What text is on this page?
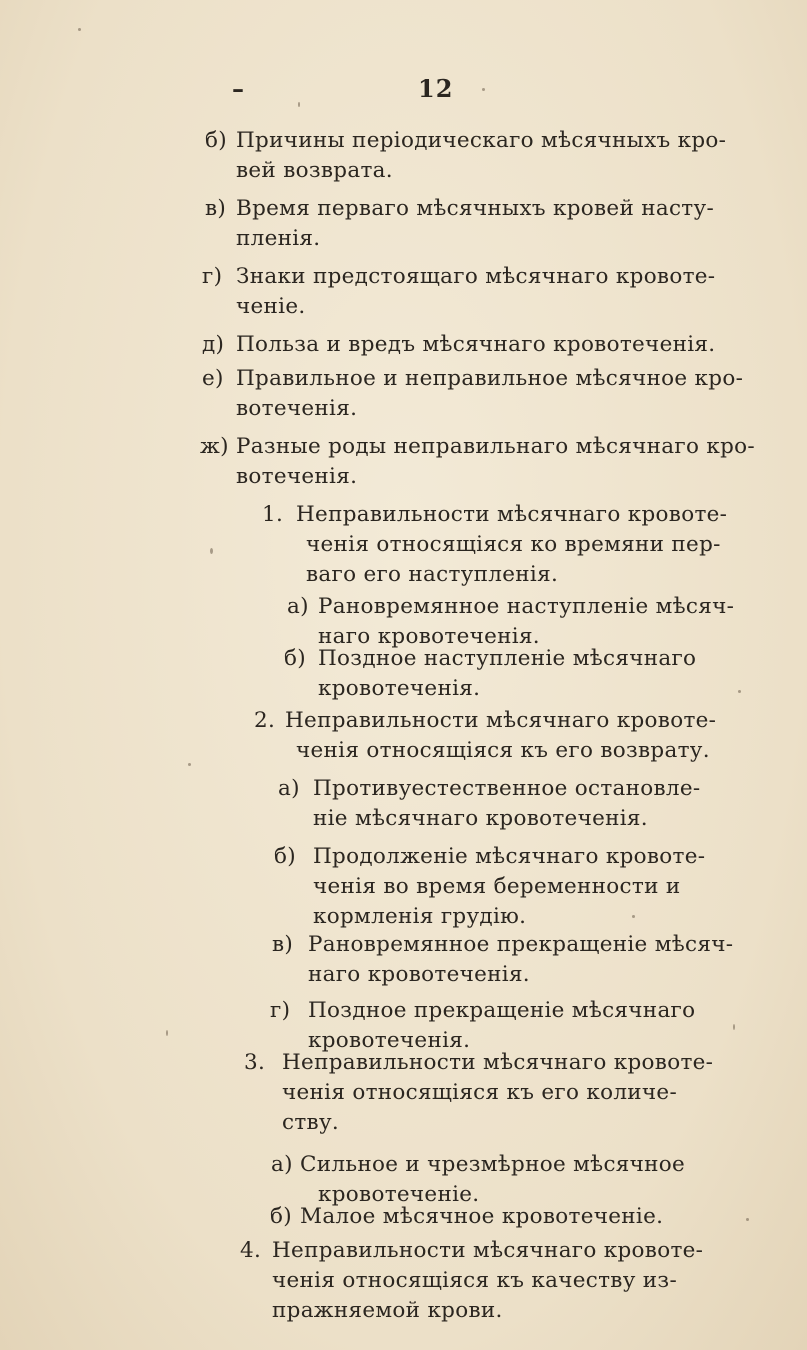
–	12
б) Причины періодическаго мѣсячныхъ кро-
вей возврата.
в) Время перваго мѣсячныхъ кровей насту-
пленія.
г) Знаки предстоящаго мѣсячнаго кровоте-
ченіе.
д) Польза и вредъ мѣсячнаго кровотеченія.
е) Правильное и неправильное мѣсячное кро-
вотеченія.
ж) Разные роды неправильнаго мѣсячнаго кро-
вотеченія.
1. Неправильности мѣсячнаго кровоте-
ченія относящіяся ко времяни пер-
ваго его наступленія.
а) Рановремянное наступленіе мѣсяч-
наго кровотеченія.
б) Поздное наступленіе мѣсячнаго
кровотеченія.
2. Неправильности мѣсячнаго кровоте-
ченія относящіяся къ его возврату.
а) Противуестественное остановле-
ніе мѣсячнаго кровотеченія.
б) Продолженіе мѣсячнаго кровоте-
ченія во время беременности и
кормленія грудію.
в) Рановремянное прекращеніе мѣсяч-
наго кровотеченія.
г) Поздное прекращеніе мѣсячнаго
кровотеченія.
3. Неправильности мѣсячнаго кровоте-
ченія относящіяся къ его количе-
ству.
а) Сильное и чрезмѣрное мѣсячное
кровотеченіе.
б) Малое мѣсячное кровотеченіе.
4. Неправильности мѣсячнаго кровоте-
ченія относящіяся къ качеству из-
пражняемой крови.
